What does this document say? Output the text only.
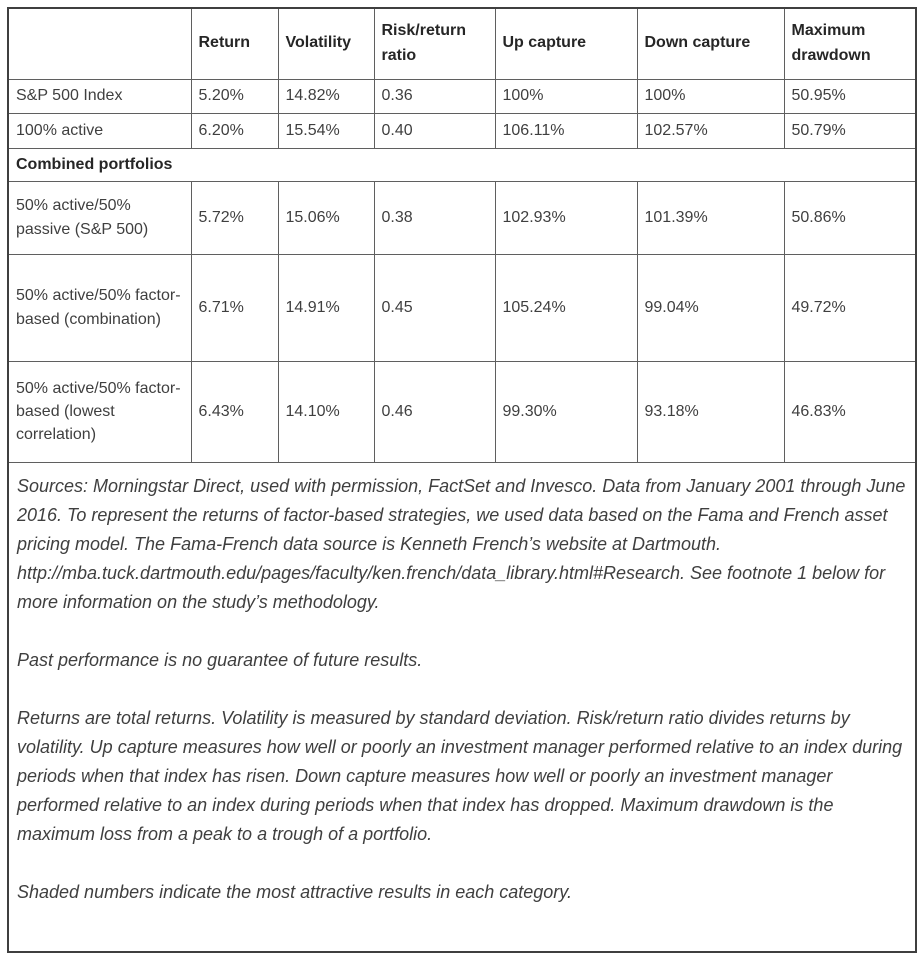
	Return	Volatility	Risk/return ratio	Up capture	Down capture	Maximum drawdown
S&P 500 Index	5.20%	14.82%	0.36	100%	100%	50.95%
100% active	6.20%	15.54%	0.40	106.11%	102.57%	50.79%
Combined portfolios						
50% active/50% passive (S&P 500)	5.72%	15.06%	0.38	102.93%	101.39%	50.86%
50% active/50% factor-based (combination)	6.71%	14.91%	0.45	105.24%	99.04%	49.72%
50% active/50% factor-based (lowest correlation)	6.43%	14.10%	0.46	99.30%	93.18%	46.83%

Sources: Morningstar Direct, used with permission, FactSet and Invesco. Data from January 2001 through June 2016. To represent the returns of factor-based strategies, we used data based on the Fama and French asset pricing model. The Fama-French data source is Kenneth French’s website at Dartmouth. http://mba.tuck.dartmouth.edu/pages/faculty/ken.french/data_library.html#Research. See footnote 1 below for more information on the study’s methodology.

Past performance is no guarantee of future results.

Returns are total returns. Volatility is measured by standard deviation. Risk/return ratio divides returns by volatility. Up capture measures how well or poorly an investment manager performed relative to an index during periods when that index has risen. Down capture measures how well or poorly an investment manager performed relative to an index during periods when that index has dropped. Maximum drawdown is the maximum loss from a peak to a trough of a portfolio.

Shaded numbers indicate the most attractive results in each category.						
